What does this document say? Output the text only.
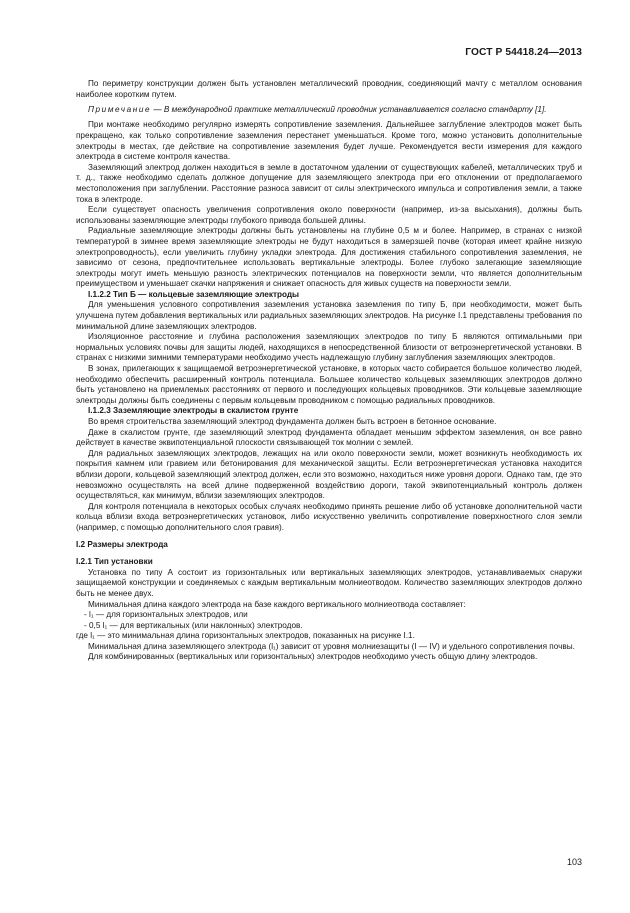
ГОСТ Р 54418.24—2013

По периметру конструкции должен быть установлен металлический проводник, соединяющий мачту с металлом основания наиболее коротким путем.

Примечание — В международной практике металлический проводник устанавливается согласно стандарту [1].

При монтаже необходимо регулярно измерять сопротивление заземления. Дальнейшее заглубление электродов может быть прекращено, как только сопротивление заземления перестанет уменьшаться. Кроме того, можно установить дополнительные электроды в местах, где действие на сопротивление заземления будет лучше. Рекомендуется вести измерения для каждого электрода в системе контроля качества.

Заземляющий электрод должен находиться в земле в достаточном удалении от существующих кабелей, металлических труб и т. д., также необходимо сделать должное допущение для заземляющего электрода при его отклонении от предполагаемого местоположения при заглублении. Расстояние разноса зависит от силы электрического импульса и сопротивления земли, а также тока в электроде.

Если существует опасность увеличения сопротивления около поверхности (например, из-за высыхания), должны быть использованы заземляющие электроды глубокого привода большей длины.

Радиальные заземляющие электроды должны быть установлены на глубине 0,5 м и более. Например, в странах с низкой температурой в зимнее время заземляющие электроды не будут находиться в замерзшей почве (которая имеет крайне низкую электропроводность), если увеличить глубину укладки электрода. Для достижения стабильного сопротивления заземления, не зависимо от сезона, предпочтительнее использовать вертикальные электроды. Более глубоко залегающие заземляющие электроды могут иметь меньшую разность электрических потенциалов на поверхности земли, что является дополнительным преимуществом и уменьшает скачки напряжения и снижает опасность для живых существ на поверхности земли.

I.1.2.2 Тип Б — кольцевые заземляющие электроды

Для уменьшения условного сопротивления заземления установка заземления по типу Б, при необходимости, может быть улучшена путем добавления вертикальных или радиальных заземляющих электродов. На рисунке I.1 представлены требования по минимальной длине заземляющих электродов.

Изоляционное расстояние и глубина расположения заземляющих электродов по типу Б являются оптимальными при нормальных условиях почвы для защиты людей, находящихся в непосредственной близости от ветроэнергетической установки. В странах с низкими зимними температурами необходимо учесть надлежащую глубину заглубления заземляющих электродов.

В зонах, прилегающих к защищаемой ветроэнергетической установке, в которых часто собирается большое количество людей, необходимо обеспечить расширенный контроль потенциала. Большее количество кольцевых заземляющих электродов должно быть установлено на приемлемых расстояниях от первого и последующих кольцевых проводников. Эти кольцевые заземляющие электроды должны быть соединены с первым кольцевым проводником с помощью радиальных проводников.

I.1.2.3 Заземляющие электроды в скалистом грунте

Во время строительства заземляющий электрод фундамента должен быть встроен в бетонное основание.

Даже в скалистом грунте, где заземляющий электрод фундамента обладает меньшим эффектом заземления, он все равно действует в качестве эквипотенциальной плоскости связывающей ток молнии с землей.

Для радиальных заземляющих электродов, лежащих на или около поверхности земли, может возникнуть необходимость их покрытия камнем или гравием или бетонирования для механической защиты. Если ветроэнергетическая установка находится вблизи дороги, кольцевой заземляющий электрод должен, если это возможно, находиться ниже уровня дороги. Однако там, где это невозможно осуществлять на всей длине подверженной воздействию дороги, такой эквипотенциальный контроль должен осуществляться, как минимум, вблизи заземляющих электродов.

Для контроля потенциала в некоторых особых случаях необходимо принять решение либо об установке дополнительной части кольца вблизи входа ветроэнергетических установок, либо искусственно увеличить сопротивление поверхностного слоя земли (например, с помощью дополнительного слоя гравия).

I.2 Размеры электрода

I.2.1 Тип установки

Установка по типу А состоит из горизонтальных или вертикальных заземляющих электродов, устанавливаемых снаружи защищаемой конструкции и соединяемых с каждым вертикальным молниеотводом. Количество заземляющих электродов должно быть не менее двух.

Минимальная длина каждого электрода на базе каждого вертикального молниеотвода составляет:

- l₁ — для горизонтальных электродов, или

- 0,5 l₁ — для вертикальных (или наклонных) электродов.

где l₁ — это минимальная длина горизонтальных электродов, показанных на рисунке I.1.

Минимальная длина заземляющего электрода (l₁) зависит от уровня молниезащиты (I — IV) и удельного сопротивления почвы.

Для комбинированных (вертикальных или горизонтальных) электродов необходимо учесть общую длину электродов.

103
